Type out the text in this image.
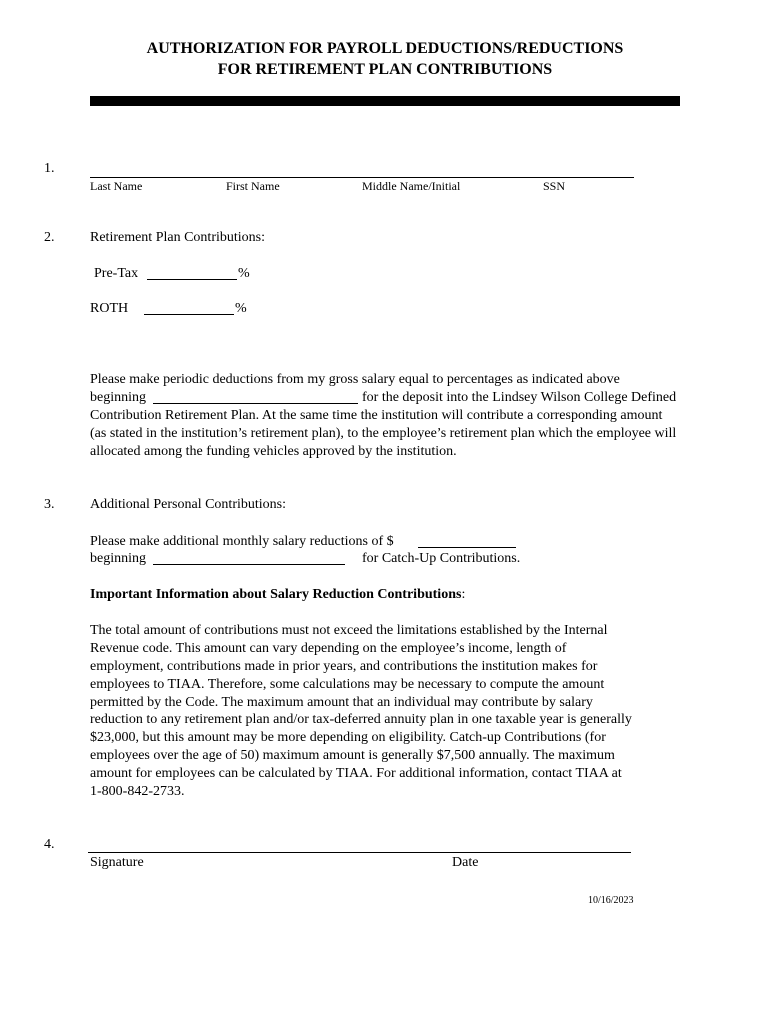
AUTHORIZATION FOR PAYROLL DEDUCTIONS/REDUCTIONS
FOR RETIREMENT PLAN CONTRIBUTIONS
1.
Last Name	First Name	Middle Name/Initial	SSN
2.	Retirement Plan Contributions:
Pre-Tax	%
ROTH	%
Please make periodic deductions from my gross salary equal to percentages as indicated above
beginning	for the deposit into the Lindsey Wilson College Defined
Contribution Retirement Plan. At the same time the institution will contribute a corresponding amount
(as stated in the institution’s retirement plan), to the employee’s retirement plan which the employee will
allocated among the funding vehicles approved by the institution.
3.	Additional Personal Contributions:
Please make additional monthly salary reductions of $
beginning	for Catch-Up Contributions.
Important Information about Salary Reduction Contributions:
The total amount of contributions must not exceed the limitations established by the Internal
Revenue code. This amount can vary depending on the employee’s income, length of
employment, contributions made in prior years, and contributions the institution makes for
employees to TIAA. Therefore, some calculations may be necessary to compute the amount
permitted by the Code. The maximum amount that an individual may contribute by salary
reduction to any retirement plan and/or tax-deferred annuity plan in one taxable year is generally
$23,000, but this amount may be more depending on eligibility. Catch-up Contributions (for
employees over the age of 50) maximum amount is generally $7,500 annually. The maximum
amount for employees can be calculated by TIAA. For additional information, contact TIAA at
1-800-842-2733.
4.
Signature	Date
10/16/2023
